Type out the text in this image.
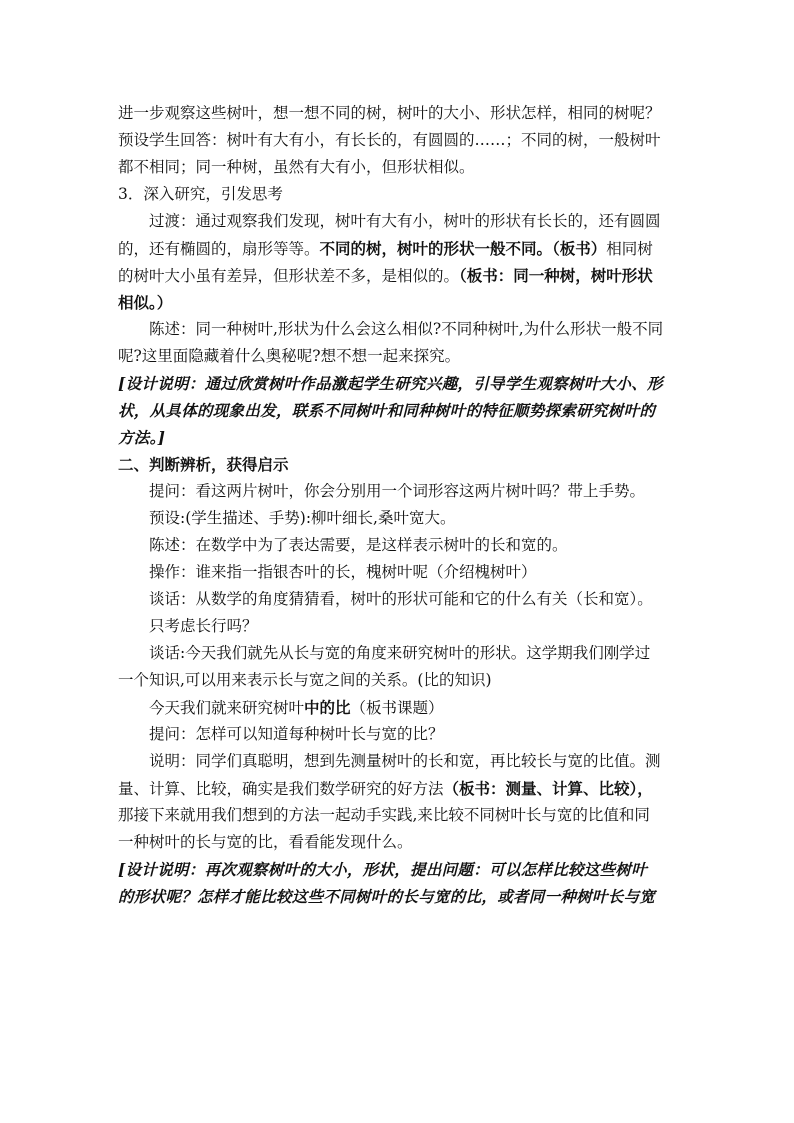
进一步观察这些树叶，想一想不同的树，树叶的大小、形状怎样，相同的树呢？
预设学生回答：树叶有大有小，有长长的，有圆圆的……；不同的树，一般树叶
都不相同；同一种树，虽然有大有小，但形状相似。
3．深入研究，引发思考
过渡：通过观察我们发现，树叶有大有小，树叶的形状有长长的，还有圆圆
的，还有椭圆的，扇形等等。不同的树，树叶的形状一般不同。（板书）相同树
的树叶大小虽有差异，但形状差不多，是相似的。（板书：同一种树，树叶形状
相似。）
陈述：同一种树叶,形状为什么会这么相似?不同种树叶,为什么形状一般不同
呢?这里面隐藏着什么奥秘呢?想不想一起来探究。
[设计说明：通过欣赏树叶作品激起学生研究兴趣，引导学生观察树叶大小、形
状，从具体的现象出发，联系不同树叶和同种树叶的特征顺势探索研究树叶的
方法。]
二、判断辨析，获得启示
提问：看这两片树叶，你会分别用一个词形容这两片树叶吗？带上手势。
预设:(学生描述、手势):柳叶细长,桑叶宽大。
陈述：在数学中为了表达需要，是这样表示树叶的长和宽的。
操作：谁来指一指银杏叶的长，槐树叶呢（介绍槐树叶）
谈话：从数学的角度猜猜看，树叶的形状可能和它的什么有关（长和宽）。
只考虑长行吗？
谈话:今天我们就先从长与宽的角度来研究树叶的形状。这学期我们刚学过
一个知识,可以用来表示长与宽之间的关系。(比的知识)
今天我们就来研究树叶中的比（板书课题）
提问：怎样可以知道每种树叶长与宽的比？
说明：同学们真聪明，想到先测量树叶的长和宽，再比较长与宽的比值。测
量、计算、比较，确实是我们数学研究的好方法（板书：测量、计算、比较），
那接下来就用我们想到的方法一起动手实践,来比较不同树叶长与宽的比值和同
一种树叶的长与宽的比，看看能发现什么。
[设计说明：再次观察树叶的大小，形状，提出问题：可以怎样比较这些树叶
的形状呢？怎样才能比较这些不同树叶的长与宽的比，或者同一种树叶长与宽
